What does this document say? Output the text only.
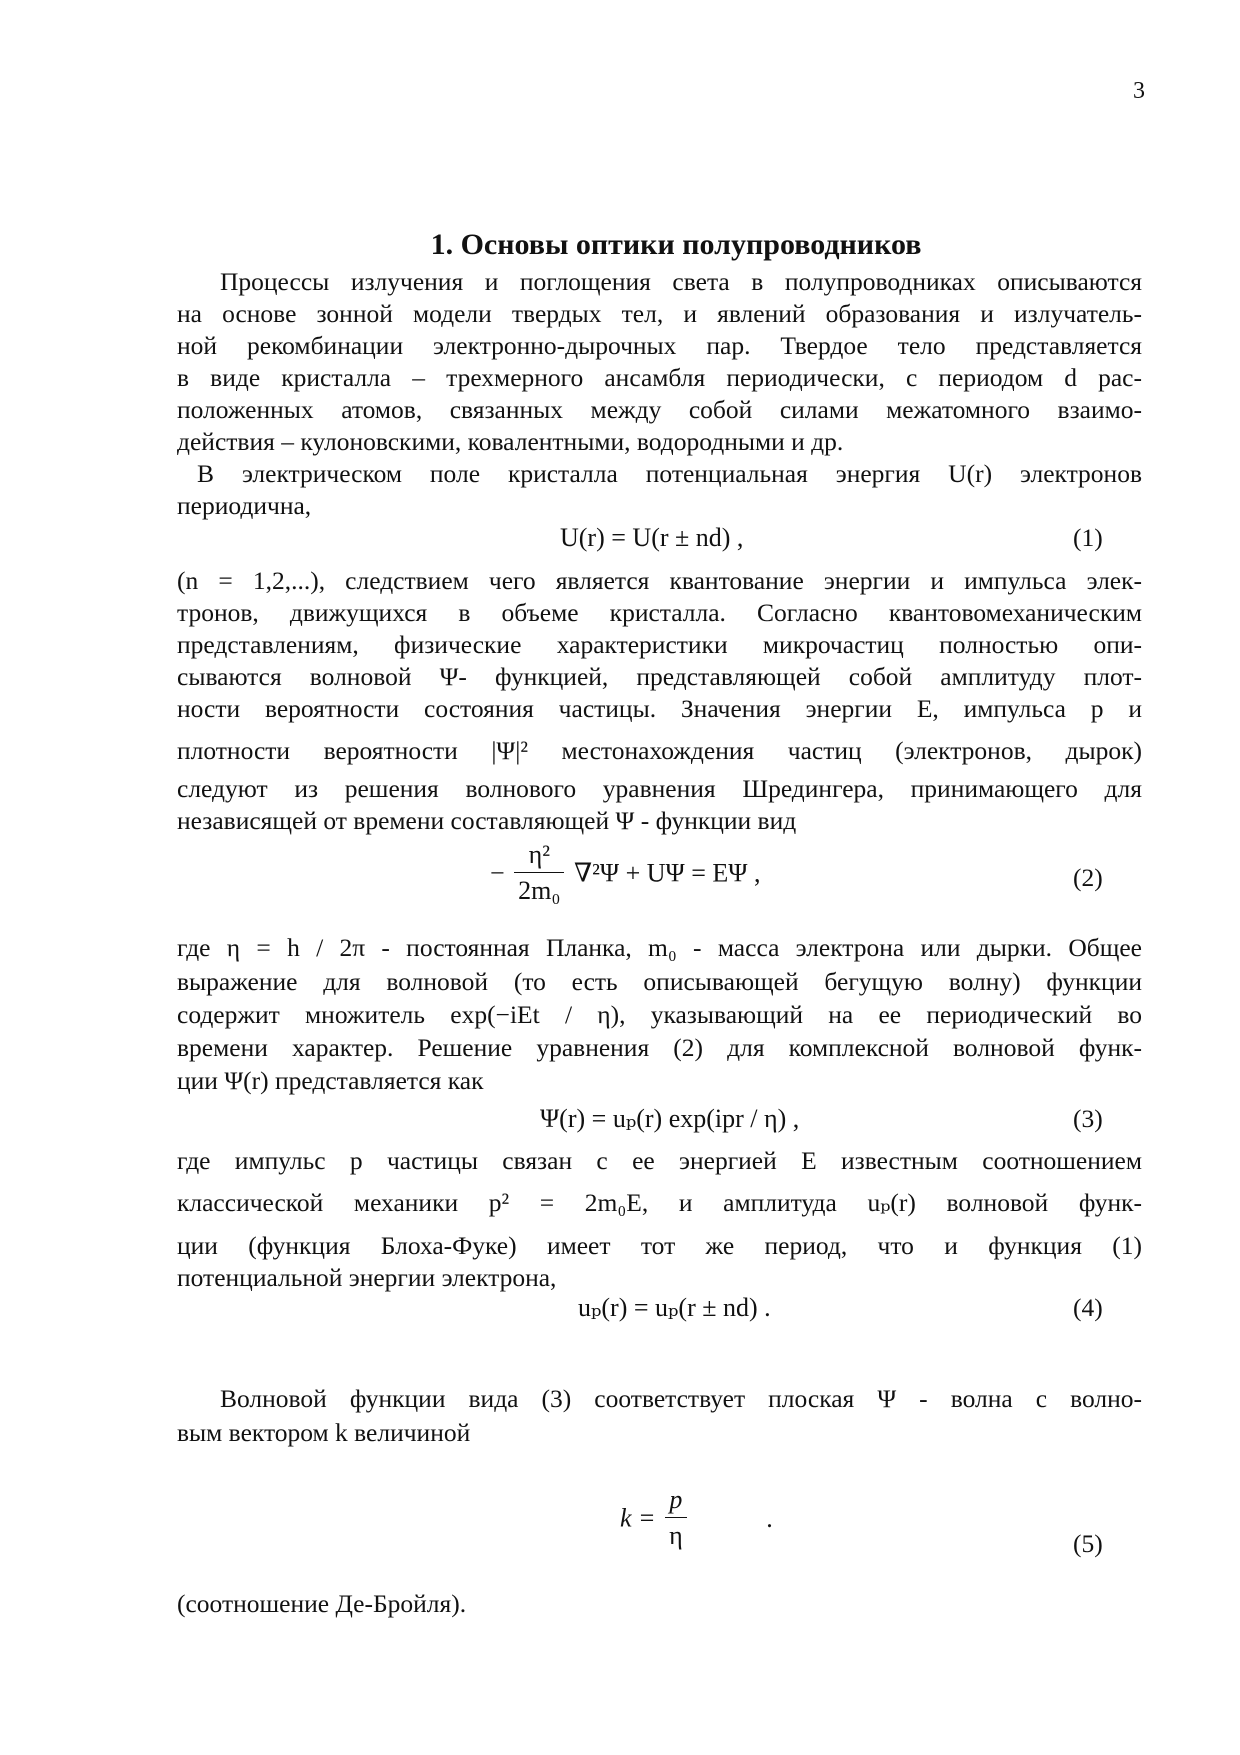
3
1. Основы оптики полупроводников
Процессы излучения и поглощения света в полупроводниках описываются
на основе зонной модели твердых тел, и явлений образования и излучатель-
ной рекомбинации электронно-дырочных пар. Твердое тело представляется
в виде кристалла – трехмерного ансамбля периодически, с периодом d рас-
положенных атомов, связанных между собой силами межатомного взаимо-
действия – кулоновскими, ковалентными, водородными и др.
В электрическом поле кристалла потенциальная энергия U(r) электронов
периодична,
U(r) = U(r ± nd) ,	(1)
(n = 1,2,...), следствием чего является квантование энергии и импульса элек-
тронов, движущихся в объеме кристалла. Согласно квантовомеханическим
представлениям, физические характеристики микрочастиц полностью опи-
сываются волновой Ψ- функцией, представляющей собой амплитуду плот-
ности вероятности состояния частицы. Значения энергии E, импульса p и
плотности вероятности |Ψ|² местонахождения частиц (электронов, дырок)
следуют из решения волнового уравнения Шредингера, принимающего для
независящей от времени составляющей Ψ - функции вид
− $\frac{\text{η²}}{\text{2m₀}} \nabla^2\Psi + U\Psi = E\Psi$ ,	(2)
где η = h / 2π - постоянная Планка, m₀ - масса электрона или дырки. Общее
выражение для волновой (то есть описывающей бегущую волну) функции
содержит множитель exp(−iEt / η), указывающий на ее периодический во
времени характер. Решение уравнения (2) для комплексной волновой функ-
ции Ψ(r) представляется как
Ψ(r) = uₚ(r) exp(ipr / η) ,	(3)
где импульс p частицы связан с ее энергией E известным соотношением
классической механики p² = 2m₀E, и амплитуда uₚ(r) волновой функ-
ции (функция Блоха-Фуке) имеет тот же период, что и функция (1)
потенциальной энергии электрона,
uₚ(r) = uₚ(r ± nd) .	(4)
Волновой функции вида (3) соответствует плоская Ψ - волна с волно-
вым вектором k величиной
$k = \frac{p}{\eta}$	.
(5)
(соотношение Де-Бройля).
